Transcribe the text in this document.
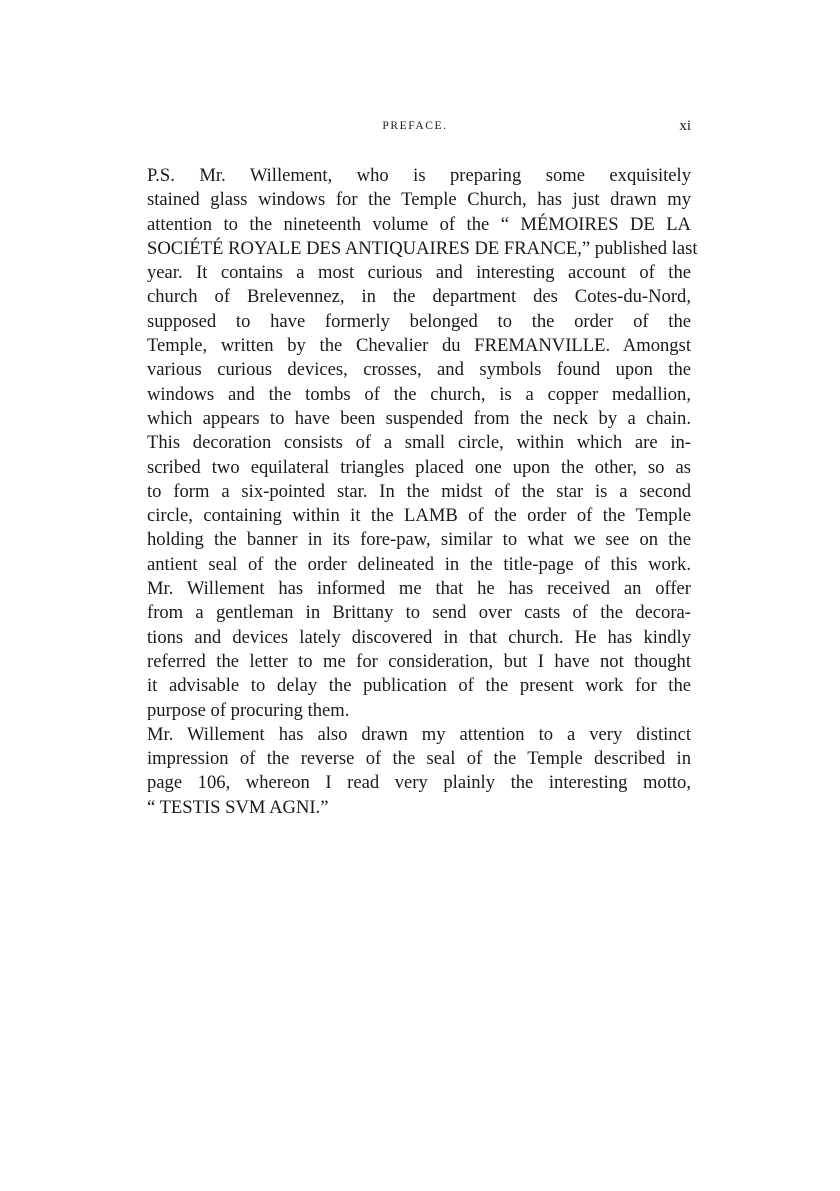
PREFACE.	xi
P.S. Mr. Willement, who is preparing some exquisitely
stained glass windows for the Temple Church, has just drawn my
attention to the nineteenth volume of the “ MÉMOIRES DE LA
SOCIÉTÉ ROYALE DES ANTIQUAIRES DE FRANCE,” published last
year. It contains a most curious and interesting account of the
church of Brelevennez, in the department des Cotes-du-Nord,
supposed to have formerly belonged to the order of the
Temple, written by the Chevalier du FREMANVILLE. Amongst
various curious devices, crosses, and symbols found upon the
windows and the tombs of the church, is a copper medallion,
which appears to have been suspended from the neck by a chain.
This decoration consists of a small circle, within which are in-
scribed two equilateral triangles placed one upon the other, so as
to form a six-pointed star. In the midst of the star is a second
circle, containing within it the LAMB of the order of the Temple
holding the banner in its fore-paw, similar to what we see on the
antient seal of the order delineated in the title-page of this work.
Mr. Willement has informed me that he has received an offer
from a gentleman in Brittany to send over casts of the decora-
tions and devices lately discovered in that church. He has kindly
referred the letter to me for consideration, but I have not thought
it advisable to delay the publication of the present work for the
purpose of procuring them.
Mr. Willement has also drawn my attention to a very distinct
impression of the reverse of the seal of the Temple described in
page 106, whereon I read very plainly the interesting motto,
“ TESTIS SVM AGNI.”
